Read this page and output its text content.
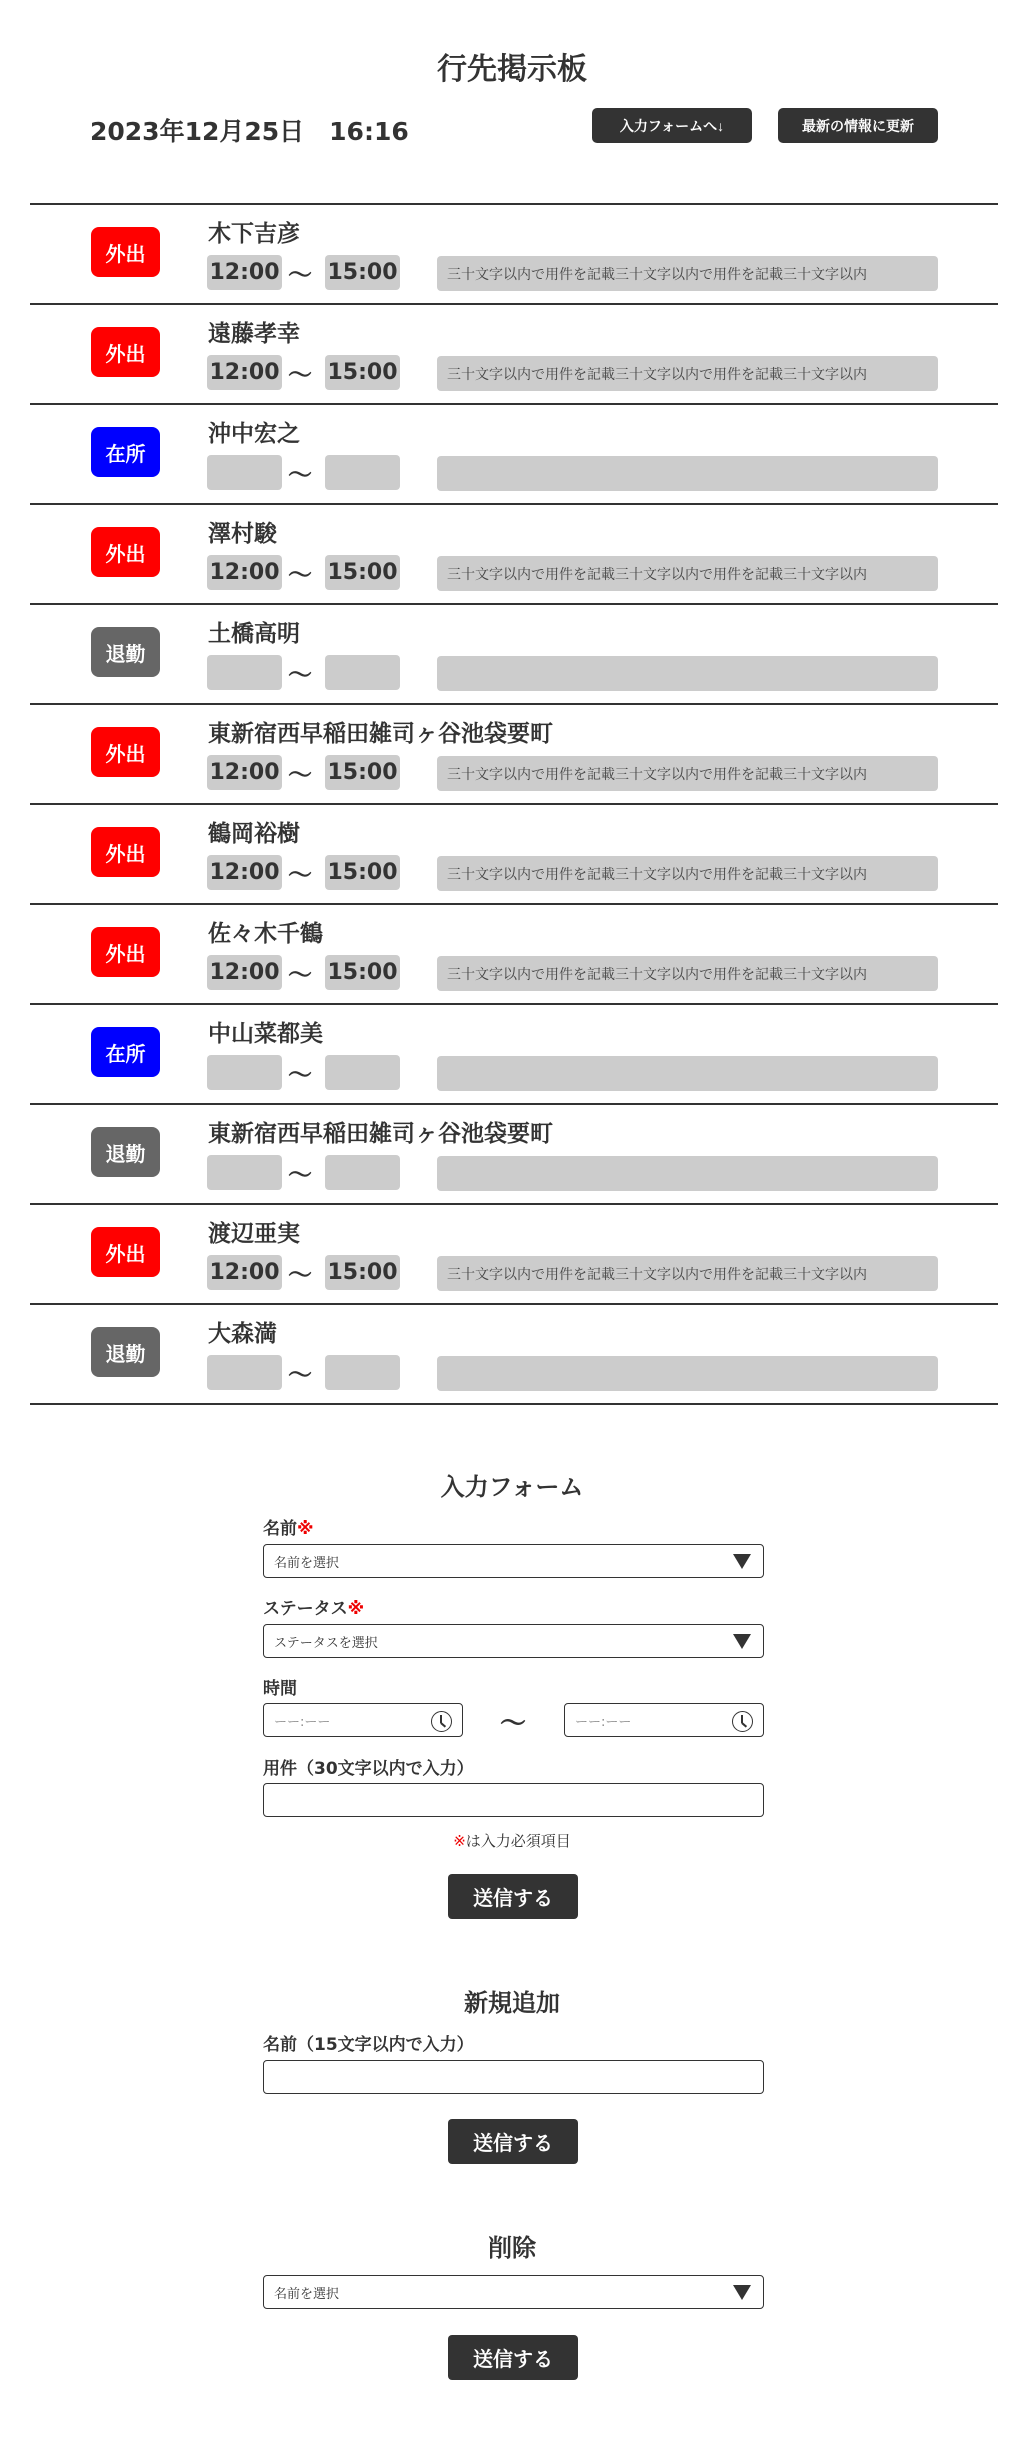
行先掲示板
2023年12月25日　16:16	入力フォームへ↓	最新の情報に更新
外出
木下吉彦
12:00 〜 15:00	三十文字以内で用件を記載三十文字以内で用件を記載三十文字以内
外出
遠藤孝幸
12:00 〜 15:00	三十文字以内で用件を記載三十文字以内で用件を記載三十文字以内
在所
沖中宏之
〜
外出
澤村駿
12:00 〜 15:00	三十文字以内で用件を記載三十文字以内で用件を記載三十文字以内
退勤
土橋高明
〜
外出
東新宿西早稲田雑司ヶ谷池袋要町
12:00 〜 15:00	三十文字以内で用件を記載三十文字以内で用件を記載三十文字以内
外出
鶴岡裕樹
12:00 〜 15:00	三十文字以内で用件を記載三十文字以内で用件を記載三十文字以内
外出
佐々木千鶴
12:00 〜 15:00	三十文字以内で用件を記載三十文字以内で用件を記載三十文字以内
在所
中山菜都美
〜
退勤
東新宿西早稲田雑司ヶ谷池袋要町
〜
外出
渡辺亜実
12:00 〜 15:00	三十文字以内で用件を記載三十文字以内で用件を記載三十文字以内
退勤
大森満
〜
入力フォーム
名前※
名前を選択
ステータス※
ステータスを選択
時間
ーー:ーー	〜	ーー:ーー
用件（30文字以内で入力）
※は入力必須項目
送信する
新規追加
名前（15文字以内で入力）
送信する
削除
名前を選択
送信する
